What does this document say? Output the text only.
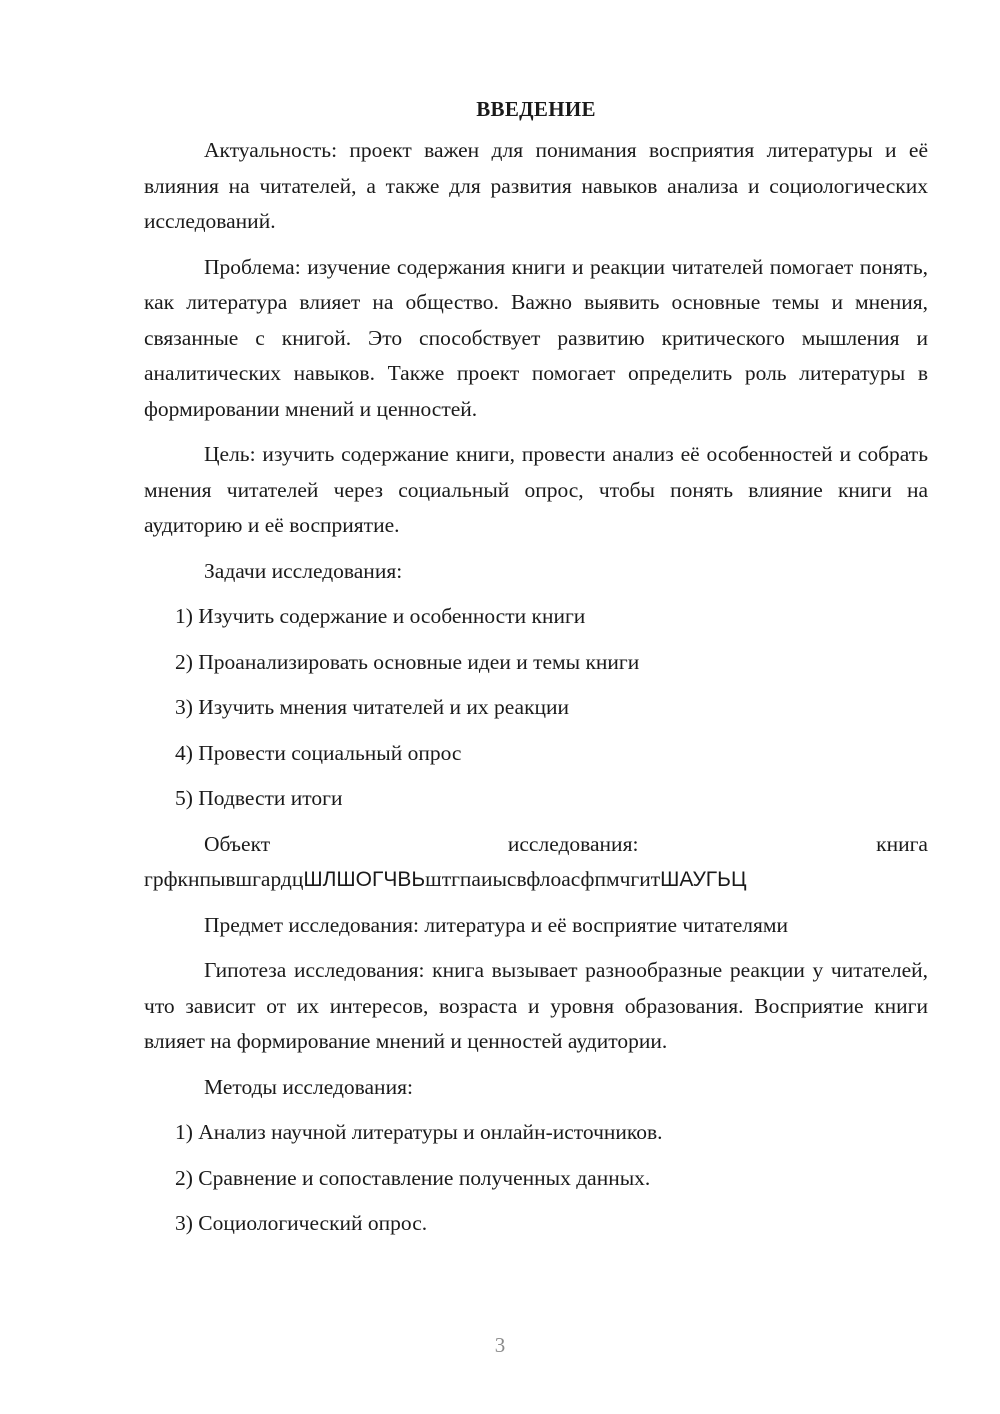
ВВЕДЕНИЕ

Актуальность: проект важен для понимания восприятия литературы и её влияния на читателей, а также для развития навыков анализа и социологических исследований.

Проблема: изучение содержания книги и реакции читателей помогает понять, как литература влияет на общество. Важно выявить основные темы и мнения, связанные с книгой. Это способствует развитию критического мышления и аналитических навыков. Также проект помогает определить роль литературы в формировании мнений и ценностей.

Цель: изучить содержание книги, провести анализ её особенностей и собрать мнения читателей через социальный опрос, чтобы понять влияние книги на аудиторию и её восприятие.

Задачи исследования:
1) Изучить содержание и особенности книги
2) Проанализировать основные идеи и темы книги
3) Изучить мнения читателей и их реакции
4) Провести социальный опрос
5) Подвести итоги
Объект	исследования:	книга
грфкнпывшгардцШЛШОГЧВЬштгпаиысвфлоасфпмчгитШАУГЬЦ
Предмет исследования: литература и её восприятие читателями

Гипотеза исследования: книга вызывает разнообразные реакции у читателей, что зависит от их интересов, возраста и уровня образования. Восприятие книги влияет на формирование мнений и ценностей аудитории.

Методы исследования:
1) Анализ научной литературы и онлайн-источников.
2) Сравнение и сопоставление полученных данных.
3) Социологический опрос.
3
